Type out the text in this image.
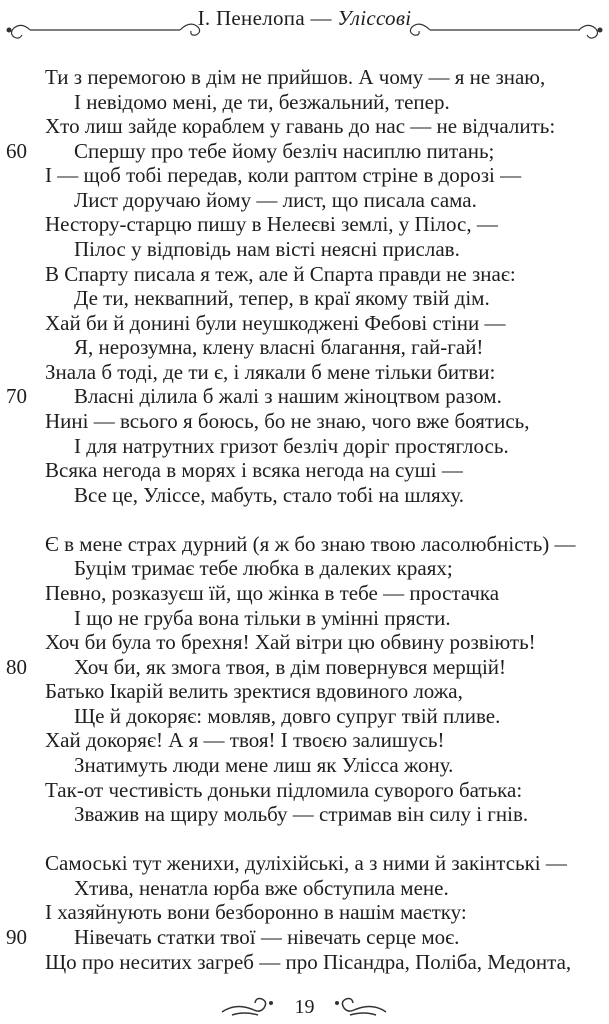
I. Пенелопа — Уліссові
Ти з перемогою в дім не прийшов. А чому — я не знаю,
І невідомо мені, де ти, безжальний, тепер.
Хто лиш зайде кораблем у гавань до нас — не відчалить:
60	Спершу про тебе йому безліч насиплю питань;
І — щоб тобі передав, коли раптом стріне в дорозі —
Лист доручаю йому — лист, що писала сама.
Нестору-старцю пишу в Нелеєві землі, у Пілос, —
Пілос у відповідь нам вісті неясні прислав.
В Спарту писала я теж, але й Спарта правди не знає:
Де ти, неквапний, тепер, в краї якому твій дім.
Хай би й донині були неушкоджені Фебові стіни —
Я, нерозумна, клену власні благання, гай-гай!
Знала б тоді, де ти є, і лякали б мене тільки битви:
70	Власні ділила б жалі з нашим жіноцтвом разом.
Нині — всього я боюсь, бо не знаю, чого вже боятись,
І для натрутних гризот безліч доріг простяглось.
Всяка негода в морях і всяка негода на суші —
Все це, Уліссе, мабуть, стало тобі на шляху.
Є в мене страх дурний (я ж бо знаю твою ласолюбність) —
Буцім тримає тебе любка в далеких краях;
Певно, розказуєш їй, що жінка в тебе — простачка
І що не груба вона тільки в умінні прясти.
Хоч би була то брехня! Хай вітри цю обвину розвіють!
80	Хоч би, як змога твоя, в дім повернувся мерщій!
Батько Ікарій велить зректися вдовиного ложа,
Ще й докоряє: мовляв, довго супруг твій пливе.
Хай докоряє! А я — твоя! І твоєю залишусь!
Знатимуть люди мене лиш як Улісса жону.
Так-от честивість доньки підломила суворого батька:
Зважив на щиру мольбу — стримав він силу і гнів.
Самоські тут женихи, дуліхійські, а з ними й закінтські —
Хтива, ненатла юрба вже обступила мене.
І хазяйнують вони безборонно в нашім маєтку:
90	Нівечать статки твої — нівечать серце моє.
Що про неситих загреб — про Пісандра, Поліба, Медонта,
19
